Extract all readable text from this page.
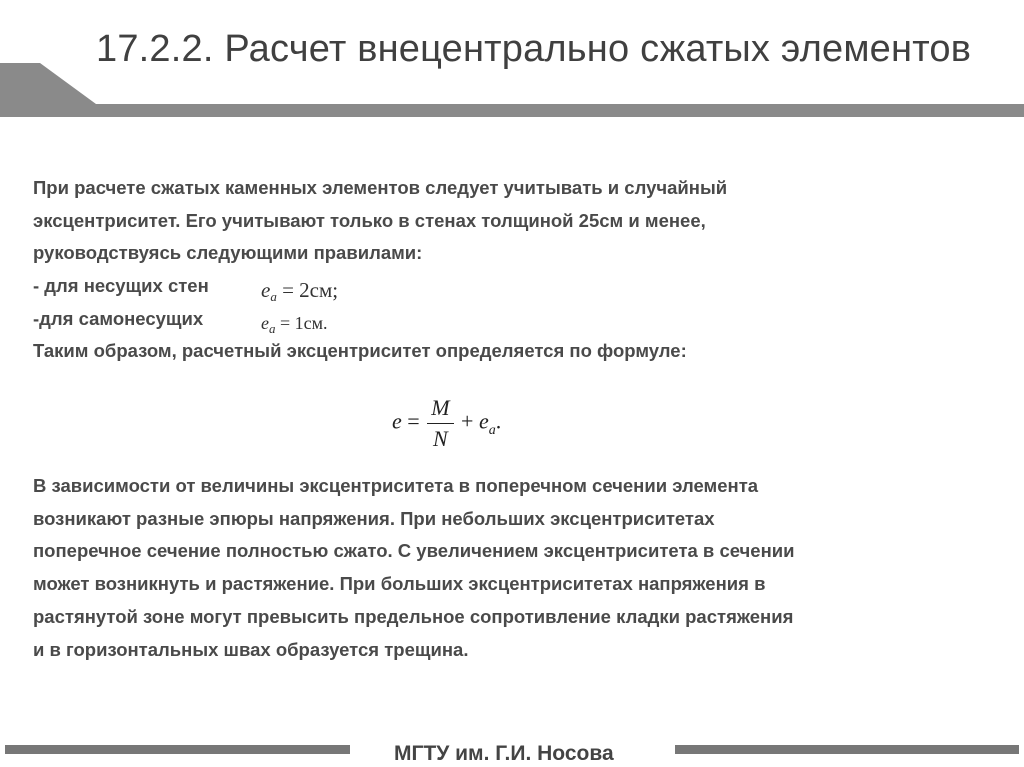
17.2.2. Расчет внецентрально сжатых элементов

При расчете сжатых каменных элементов следует учитывать и случайный
эксцентриситет. Его учитывают только в стенах толщиной 25см и менее,
руководствуясь следующими правилами:
- для несущих стен $e_a = 2см$;
-для самонесущих	$e_a = 1см$.
Таким образом, расчетный эксцентриситет определяется по формуле:

$e = \frac{M}{N} + e_a$.

В зависимости от величины эксцентриситета в поперечном сечении элемента
возникают разные эпюры напряжения. При небольших эксцентриситетах
поперечное сечение полностью сжато. С увеличением эксцентриситета в сечении
может возникнуть и растяжение. При больших эксцентриситетах напряжения в
растянутой зоне могут превысить предельное сопротивление кладки растяжения
и в горизонтальных швах образуется трещина.

МГТУ им. Г.И. Носова
